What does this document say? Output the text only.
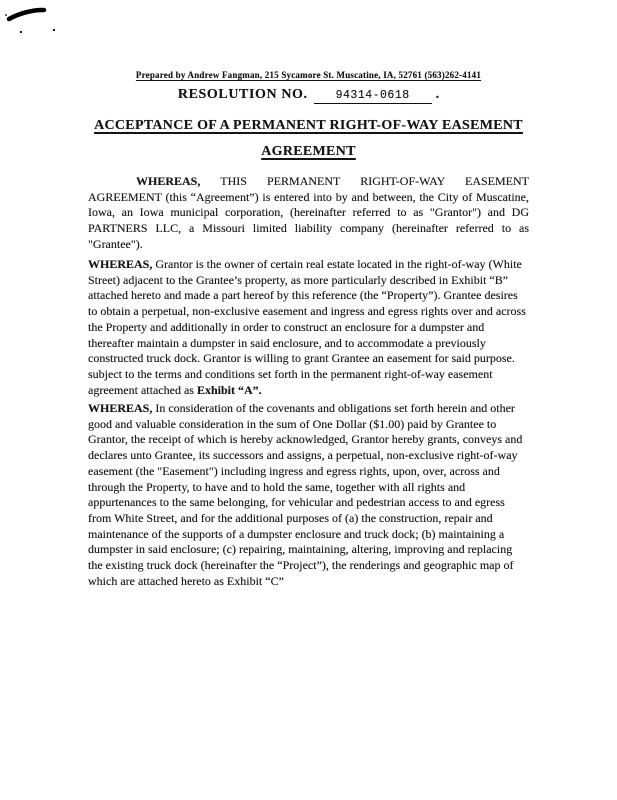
Prepared by Andrew Fangman, 215 Sycamore St. Muscatine, IA, 52761 (563)262-4141
RESOLUTION NO. 94314-0618 .
ACCEPTANCE OF A PERMANENT RIGHT-OF-WAY EASEMENT
AGREEMENT

WHEREAS, THIS PERMANENT RIGHT-OF-WAY EASEMENT
AGREEMENT (this “Agreement”) is entered into by and between, the City of Muscatine, Iowa, an Iowa municipal corporation, (hereinafter referred to as "Grantor") and DG PARTNERS LLC, a Missouri limited liability company (hereinafter referred to as "Grantee").

WHEREAS, Grantor is the owner of certain real estate located in the right-of-way (White Street) adjacent to the Grantee’s property, as more particularly described in Exhibit “B” attached hereto and made a part hereof by this reference (the “Property”). Grantee desires to obtain a perpetual, non-exclusive easement and ingress and egress rights over and across the Property and additionally in order to construct an enclosure for a dumpster and thereafter maintain a dumpster in said enclosure, and to accommodate a previously constructed truck dock. Grantor is willing to grant Grantee an easement for said purpose. subject to the terms and conditions set forth in the permanent right-of-way easement agreement attached as Exhibit “A”.

WHEREAS, In consideration of the covenants and obligations set forth herein and other good and valuable consideration in the sum of One Dollar ($1.00) paid by Grantee to Grantor, the receipt of which is hereby acknowledged, Grantor hereby grants, conveys and declares unto Grantee, its successors and assigns, a perpetual, non-exclusive right-of-way easement (the "Easement") including ingress and egress rights, upon, over, across and through the Property, to have and to hold the same, together with all rights and appurtenances to the same belonging, for vehicular and pedestrian access to and egress from White Street, and for the additional purposes of (a) the construction, repair and maintenance of the supports of a dumpster enclosure and truck dock; (b) maintaining a dumpster in said enclosure; (c) repairing, maintaining, altering, improving and replacing the existing truck dock (hereinafter the “Project”), the renderings and geographic map of which are attached hereto as Exhibit “C”
